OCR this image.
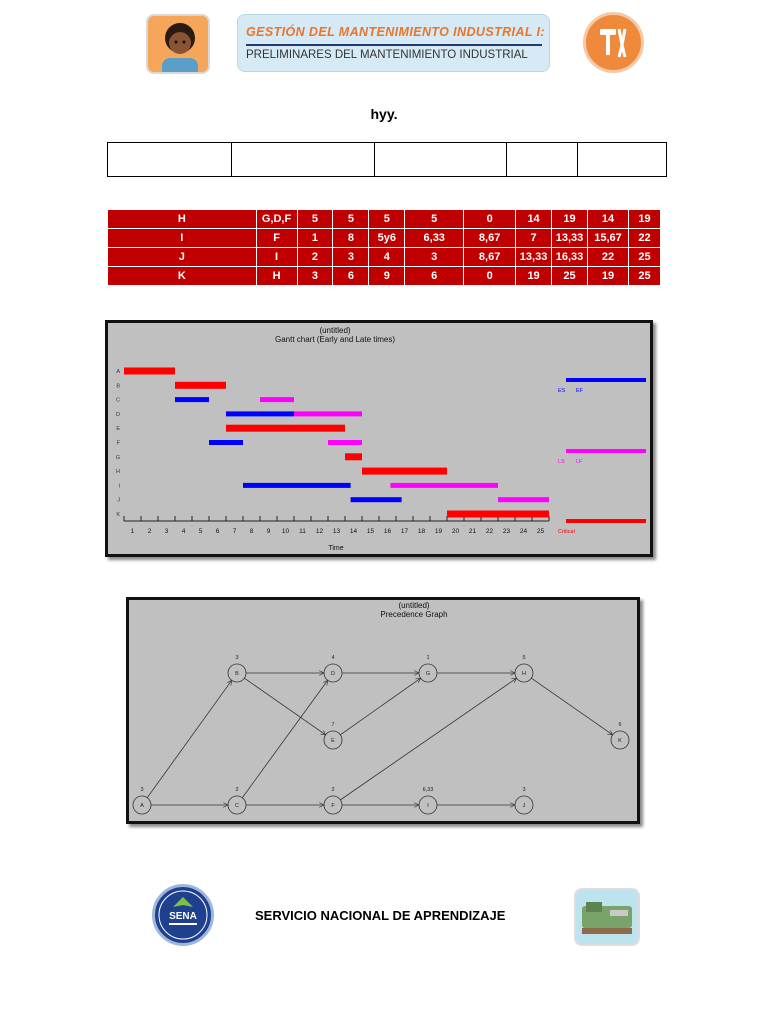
GESTIÓN DEL MANTENIMIENTO INDUSTRIAL I:
PRELIMINARES DEL MANTENIMIENTO INDUSTRIAL
hyy.

H	G,D,F	5	5	5	5	0	14	19	14	19
I	F	1	8	5y6	6,33	8,67	7	13,33	15,67	22
J	I	2	3	4	3	8,67	13,33	16,33	22	25
K	H	3	6	9	6	0	19	25	19	25
(untitled)
Gantt chart (Early and Late times)
Time
1 2 3 4 5 6 7 8 9 10 11 12 13 14 15 16 17 18 19 20 21 22 23 24 25
A
B
C
D
E
F
G
H
I
J
K
ES EF
LS LF
Critical
(untitled)
Precedence Graph
A
3
B
3
C
2
D
4
E
7
F
2
G
1
H
5
I
6,33
J
3
K
6
SENA	SERVICIO NACIONAL DE APRENDIZAJE
